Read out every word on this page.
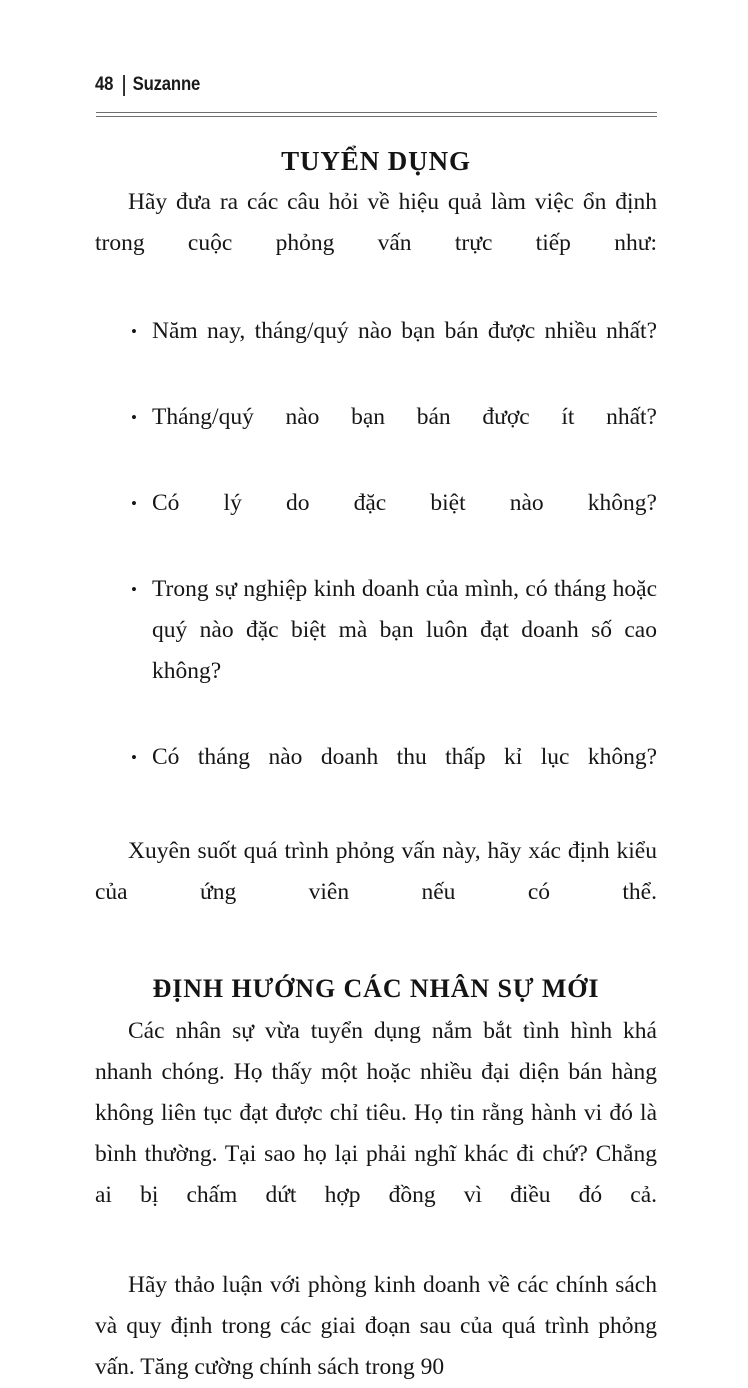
48 Suzanne
TUYỂN DỤNG

Hãy đưa ra các câu hỏi về hiệu quả làm việc ổn định trong cuộc phỏng vấn trực tiếp như:

• Năm nay, tháng/quý nào bạn bán được nhiều nhất?
• Tháng/quý nào bạn bán được ít nhất?
• Có lý do đặc biệt nào không?
• Trong sự nghiệp kinh doanh của mình, có tháng hoặc quý nào đặc biệt mà bạn luôn đạt doanh số cao không?
• Có tháng nào doanh thu thấp kỉ lục không?

Xuyên suốt quá trình phỏng vấn này, hãy xác định kiểu của ứng viên nếu có thể.

ĐỊNH HƯỚNG CÁC NHÂN SỰ MỚI

Các nhân sự vừa tuyển dụng nắm bắt tình hình khá nhanh chóng. Họ thấy một hoặc nhiều đại diện bán hàng không liên tục đạt được chỉ tiêu. Họ tin rằng hành vi đó là bình thường. Tại sao họ lại phải nghĩ khác đi chứ? Chẳng ai bị chấm dứt hợp đồng vì điều đó cả.

Hãy thảo luận với phòng kinh doanh về các chính sách và quy định trong các giai đoạn sau của quá trình phỏng vấn. Tăng cường chính sách trong 90
